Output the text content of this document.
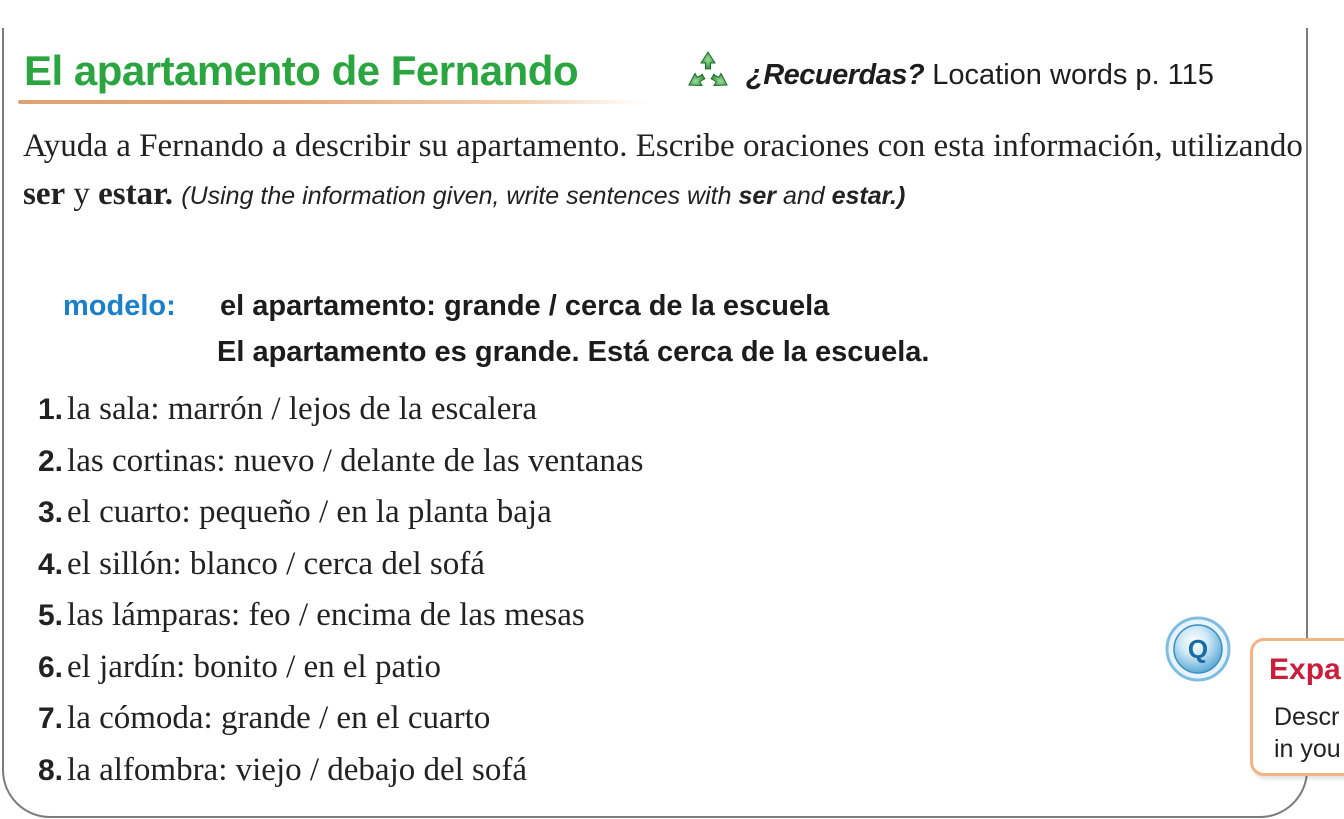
El apartamento de Fernando	¿Recuerdas? Location words p. 115

Ayuda a Fernando a describir su apartamento. Escribe oraciones con esta información, utilizando ser y estar. (Using the information given, write sentences with ser and estar.)

modelo: el apartamento: grande / cerca de la escuela
El apartamento es grande. Está cerca de la escuela.
1. la sala: marrón / lejos de la escalera
2. las cortinas: nuevo / delante de las ventanas
3. el cuarto: pequeño / en la planta baja
4. el sillón: blanco / cerca del sofá
5. las lámparas: feo / encima de las mesas
6. el jardín: bonito / en el patio
7. la cómoda: grande / en el cuarto
8. la alfombra: viejo / debajo del sofá
Q
Expa
Descr
in you
